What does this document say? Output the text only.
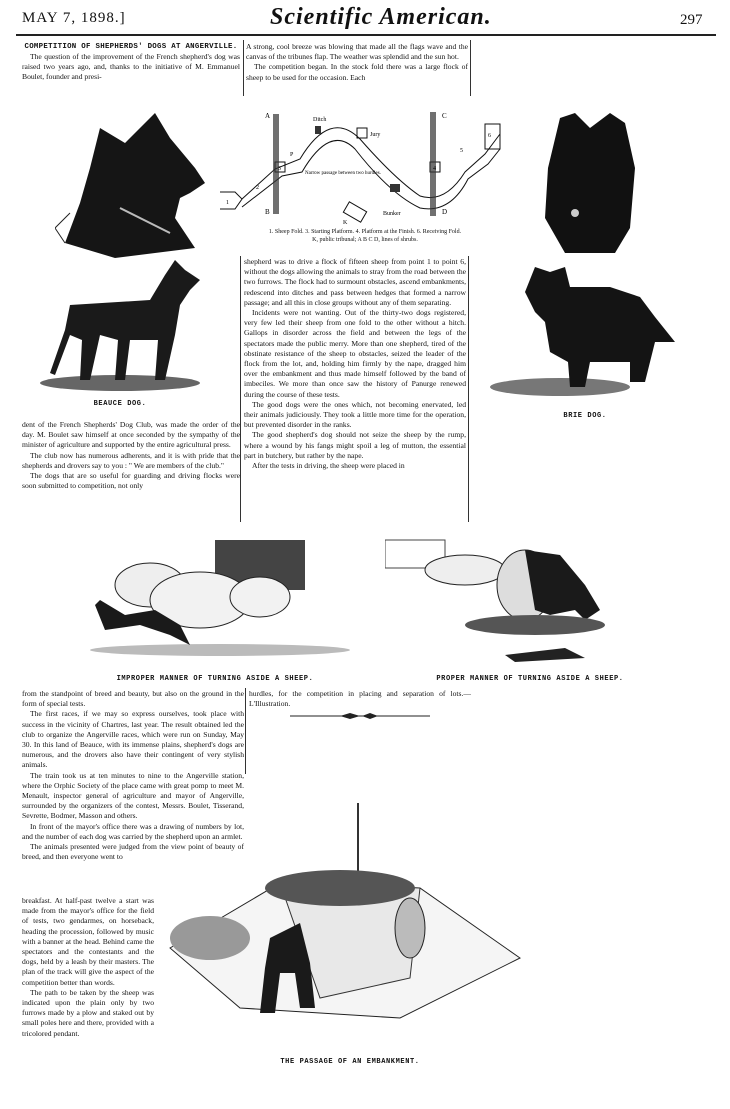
MAY 7, 1898.]	Scientific American.	297
COMPETITION OF SHEPHERDS' DOGS AT ANGERVILLE.

The question of the improvement of the French shepherd's dog was raised two years ago, and, thanks to the initiative of M. Emmanuel Boulet, founder and presi-

A strong, cool breeze was blowing that made all the flags wave and the canvas of the tribunes flap. The weather was splendid and the sun hot.

The competition began. In the stock fold there was a large flock of sheep to be used for the occasion. Each

BEAUCE DOG.
A
B
C
D
Ditch
Jury
Narrow passage between two hurdles.
Bunker
K
1
2
3	4
5
6
P
1. Sheep Fold. 3. Starting Platform. 4. Platform at the Finish. 6. Receiving Fold.
K, public tribunal; A B C D, lines of shrubs.
BRIE DOG.

dent of the French Shepherds' Dog Club, was made the order of the day. M. Boulet saw himself at once seconded by the sympathy of the minister of agriculture and supported by the entire agricultural press.

The club now has numerous adherents, and it is with pride that the shepherds and drovers say to you : " We are members of the club."

The dogs that are so useful for guarding and driving flocks were soon submitted to competition, not only

shepherd was to drive a flock of fifteen sheep from point 1 to point 6, without the dogs allowing the animals to stray from the road between the two furrows. The flock had to surmount obstacles, ascend embankments, redescend into ditches and pass between hedges that formed a narrow passage; and all this in close groups without any of them separating.

Incidents were not wanting. Out of the thirty-two dogs registered, very few led their sheep from one fold to the other without a hitch. Gallops in disorder across the field and between the legs of the spectators made the public merry. More than one shepherd, tired of the obstinate resistance of the sheep to obstacles, seized the leader of the flock from the lot, and, holding him firmly by the nape, dragged him over the embankment and thus made himself followed by the band of imbeciles. We more than once saw the history of Panurge renewed during the course of these tests.

The good dogs were the ones which, not becoming enervated, led their animals judiciously. They took a little more time for the operation, but prevented disorder in the ranks.

The good shepherd's dog should not seize the sheep by the rump, where a wound by his fangs might spoil a leg of mutton, the essential part in butchery, but rather by the nape.

After the tests in driving, the sheep were placed in

IMPROPER MANNER OF TURNING ASIDE A SHEEP.	PROPER MANNER OF TURNING ASIDE A SHEEP.

from the standpoint of breed and beauty, but also on the ground in the form of special tests.

The first races, if we may so express ourselves, took place with success in the vicinity of Chartres, last year. The result obtained led the club to organize the Angerville races, which were run on Sunday, May 30. In this land of Beauce, with its immense plains, shepherd's dogs are numerous, and the drovers also have their contingent of very stylish animals.

The train took us at ten minutes to nine to the Angerville station, where the Orphic Society of the place came with great pomp to meet M. Menault, inspector general of agriculture and mayor of Angerville, surrounded by the organizers of the contest, Messrs. Boulet, Tisserand, Sevrette, Bodmer, Masson and others.

In front of the mayor's office there was a drawing of numbers by lot, and the number of each dog was carried by the shepherd upon an armlet.

The animals presented were judged from the view point of beauty of breed, and then everyone went to

breakfast. At half-past twelve a start was made from the mayor's office for the field of tests, two gendarmes, on horseback, heading the procession, followed by music with a banner at the head. Behind came the spectators and the contestants and the dogs, held by a leash by their masters. The plan of the track will give the aspect of the competition better than words.

The path to be taken by the sheep was indicated upon the plain only by two furrows made by a plow and staked out by small poles here and there, provided with a tricolored pendant.

hurdles, for the competition in placing and separation of lots.—L'Illustration.

THE PASSAGE OF AN EMBANKMENT.
